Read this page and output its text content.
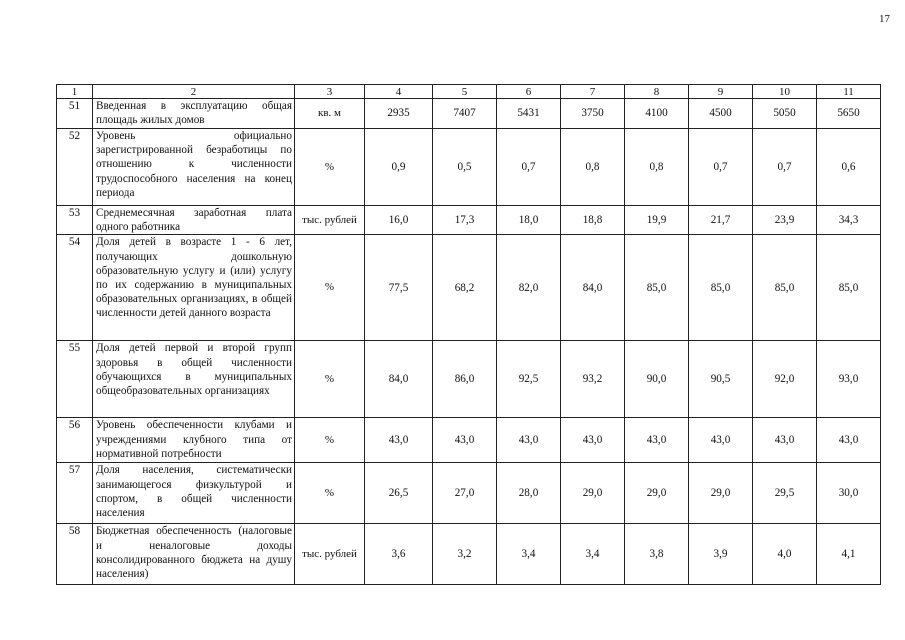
17
1	2	3	4	5	6	7	8	9	10	11
51	Введенная в эксплуатацию общая площадь жилых домов	кв. м	2935	7407	5431	3750	4100	4500	5050	5650
52	Уровень официально зарегистрированной безработицы по отношению к численности трудоспособного населения на конец периода	%	0,9	0,5	0,7	0,8	0,8	0,7	0,7	0,6
53	Среднемесячная заработная плата одного работника	тыс. рублей	16,0	17,3	18,0	18,8	19,9	21,7	23,9	34,3
54	Доля детей в возрасте 1 - 6 лет, получающих дошкольную образовательную услугу и (или) услугу по их содержанию в муниципальных образовательных организациях, в общей численности детей данного возраста	%	77,5	68,2	82,0	84,0	85,0	85,0	85,0	85,0
55	Доля детей первой и второй групп здоровья в общей численности обучающихся в муниципальных общеобразовательных организациях	%	84,0	86,0	92,5	93,2	90,0	90,5	92,0	93,0
56	Уровень обеспеченности клубами и учреждениями клубного типа от нормативной потребности	%	43,0	43,0	43,0	43,0	43,0	43,0	43,0	43,0
57	Доля населения, систематически занимающегося физкультурой и спортом, в общей численности населения	%	26,5	27,0	28,0	29,0	29,0	29,0	29,5	30,0
58	Бюджетная обеспеченность (налоговые и неналоговые доходы консолидированного бюджета на душу населения)	тыс. рублей	3,6	3,2	3,4	3,4	3,8	3,9	4,0	4,1
